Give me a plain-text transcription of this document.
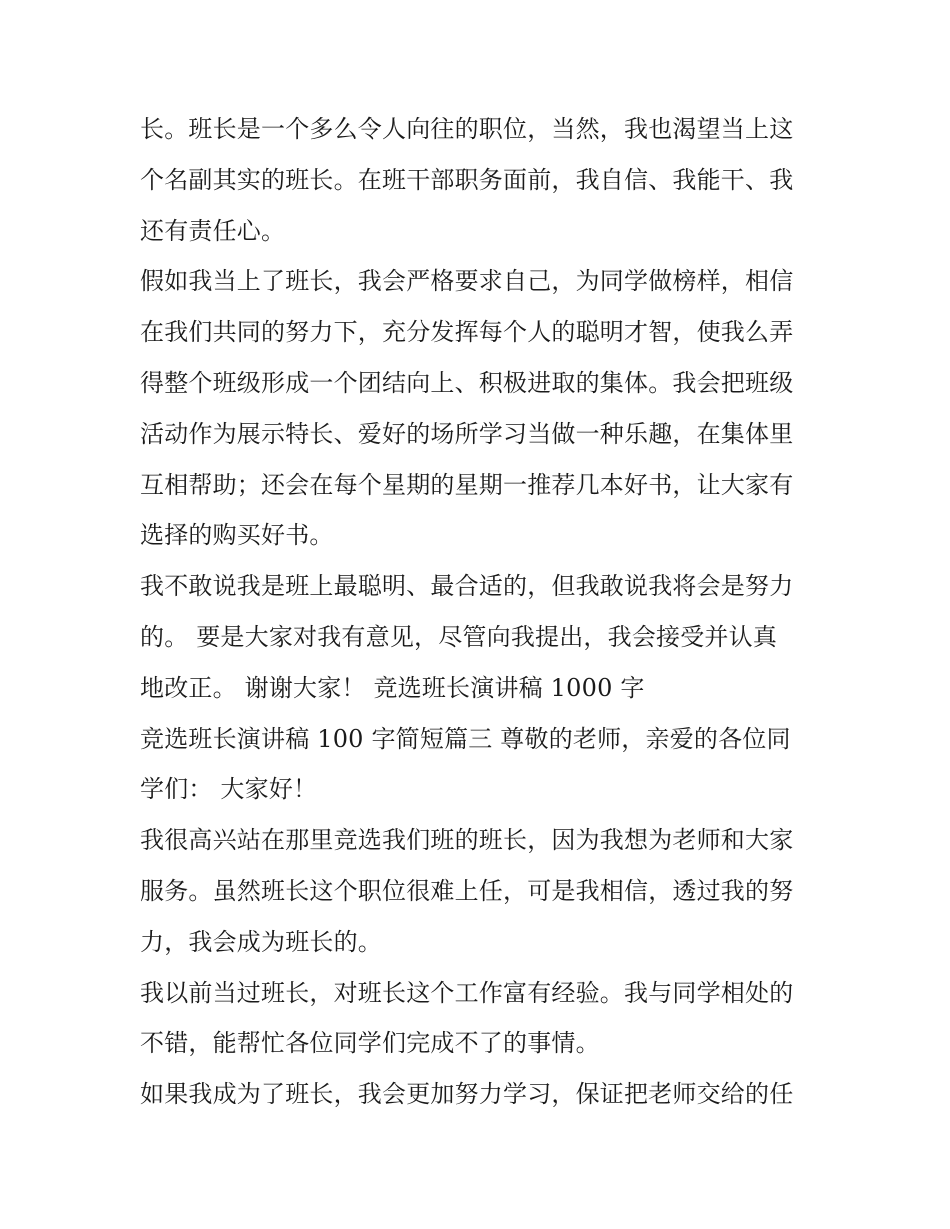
长。班长是一个多么令人向往的职位，当然，我也渴望当上这
个名副其实的班长。在班干部职务面前，我自信、我能干、我
还有责任心。
假如我当上了班长，我会严格要求自己，为同学做榜样，相信
在我们共同的努力下，充分发挥每个人的聪明才智，使我么弄
得整个班级形成一个团结向上、积极进取的集体。我会把班级
活动作为展示特长、爱好的场所学习当做一种乐趣，在集体里
互相帮助；还会在每个星期的星期一推荐几本好书，让大家有
选择的购买好书。
我不敢说我是班上最聪明、最合适的，但我敢说我将会是努力
的。 要是大家对我有意见，尽管向我提出，我会接受并认真
地改正。 谢谢大家！ 竞选班长演讲稿 1000 字
竞选班长演讲稿 100 字简短篇三 尊敬的老师，亲爱的各位同
学们： 大家好！
我很高兴站在那里竞选我们班的班长，因为我想为老师和大家
服务。虽然班长这个职位很难上任，可是我相信，透过我的努
力，我会成为班长的。
我以前当过班长，对班长这个工作富有经验。我与同学相处的
不错，能帮忙各位同学们完成不了的事情。
如果我成为了班长，我会更加努力学习，保证把老师交给的任
